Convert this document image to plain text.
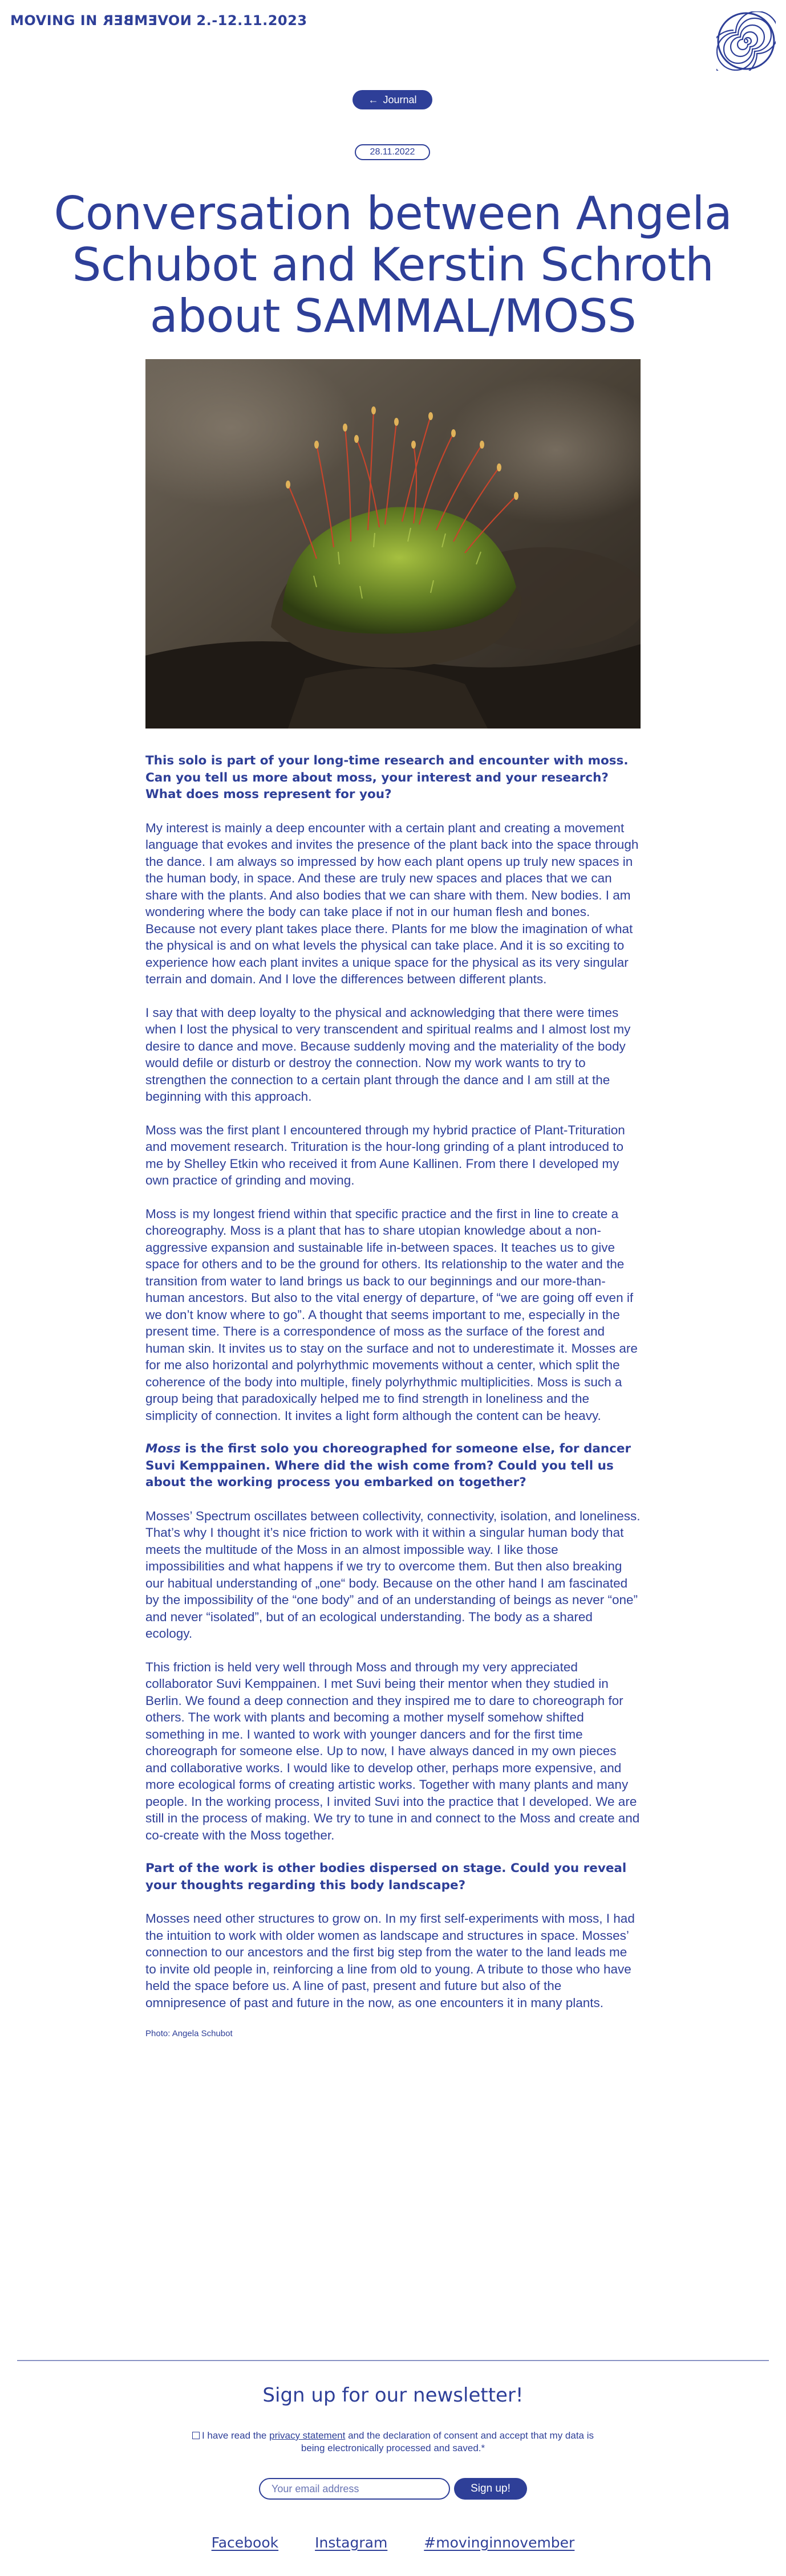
MOVING IN NOVEMBER 2.-12.11.2023
← Journal
28.11.2022
Conversation between Angela Schubot and Kerstin Schroth about SAMMAL/MOSS

This solo is part of your long-time research and encounter with moss. Can you tell us more about moss, your interest and your research? What does moss represent for you?

My interest is mainly a deep encounter with a certain plant and creating a movement language that evokes and invites the presence of the plant back into the space through the dance. I am always so impressed by how each plant opens up truly new spaces in the human body, in space. And these are truly new spaces and places that we can share with the plants. And also bodies that we can share with them. New bodies. I am wondering where the body can take place if not in our human flesh and bones. Because not every plant takes place there. Plants for me blow the imagination of what the physical is and on what levels the physical can take place. And it is so exciting to experience how each plant invites a unique space for the physical as its very singular terrain and domain. And I love the differences between different plants.

I say that with deep loyalty to the physical and acknowledging that there were times when I lost the physical to very transcendent and spiritual realms and I almost lost my desire to dance and move. Because suddenly moving and the materiality of the body would defile or disturb or destroy the connection. Now my work wants to try to strengthen the connection to a certain plant through the dance and I am still at the beginning with this approach.

Moss was the first plant I encountered through my hybrid practice of Plant-Trituration and movement research. Trituration is the hour-long grinding of a plant introduced to me by Shelley Etkin who received it from Aune Kallinen. From there I developed my own practice of grinding and moving.

Moss is my longest friend within that specific practice and the first in line to create a choreography. Moss is a plant that has to share utopian knowledge about a non-aggressive expansion and sustainable life in-between spaces. It teaches us to give space for others and to be the ground for others. Its relationship to the water and the transition from water to land brings us back to our beginnings and our more-than-human ancestors. But also to the vital energy of departure, of “we are going off even if we don’t know where to go”. A thought that seems important to me, especially in the present time. There is a correspondence of moss as the surface of the forest and human skin. It invites us to stay on the surface and not to underestimate it. Mosses are for me also horizontal and polyrhythmic movements without a center, which split the coherence of the body into multiple, finely polyrhythmic multiplicities. Moss is such a group being that paradoxically helped me to find strength in loneliness and the simplicity of connection. It invites a light form although the content can be heavy.

Moss is the first solo you choreographed for someone else, for dancer Suvi Kemppainen. Where did the wish come from? Could you tell us about the working process you embarked on together?

Mosses’ Spectrum oscillates between collectivity, connectivity, isolation, and loneliness. That’s why I thought it’s nice friction to work with it within a singular human body that meets the multitude of the Moss in an almost impossible way. I like those impossibilities and what happens if we try to overcome them. But then also breaking our habitual understanding of „one“ body. Because on the other hand I am fascinated by the impossibility of the “one body” and of an understanding of beings as never “one” and never “isolated”, but of an ecological understanding. The body as a shared ecology.

This friction is held very well through Moss and through my very appreciated collaborator Suvi Kemppainen. I met Suvi being their mentor when they studied in Berlin. We found a deep connection and they inspired me to dare to choreograph for others. The work with plants and becoming a mother myself somehow shifted something in me. I wanted to work with younger dancers and for the first time choreograph for someone else. Up to now, I have always danced in my own pieces and collaborative works. I would like to develop other, perhaps more expensive, and more ecological forms of creating artistic works. Together with many plants and many people. In the working process, I invited Suvi into the practice that I developed. We are still in the process of making. We try to tune in and connect to the Moss and create and co-create with the Moss together.

Part of the work is other bodies dispersed on stage. Could you reveal your thoughts regarding this body landscape?

Mosses need other structures to grow on. In my first self-experiments with moss, I had the intuition to work with older women as landscape and structures in space. Mosses’ connection to our ancestors and the first big step from the water to the land leads me to invite old people in, reinforcing a line from old to young. A tribute to those who have held the space before us. A line of past, present and future but also of the omnipresence of past and future in the now, as one encounters it in many plants.

Photo: Angela Schubot

Sign up for our newsletter!
I have read the privacy statement and the declaration of consent and accept that my data is being electronically processed and saved.*
Your email address
Sign up!
Facebook	Instagram	#movinginnovember
